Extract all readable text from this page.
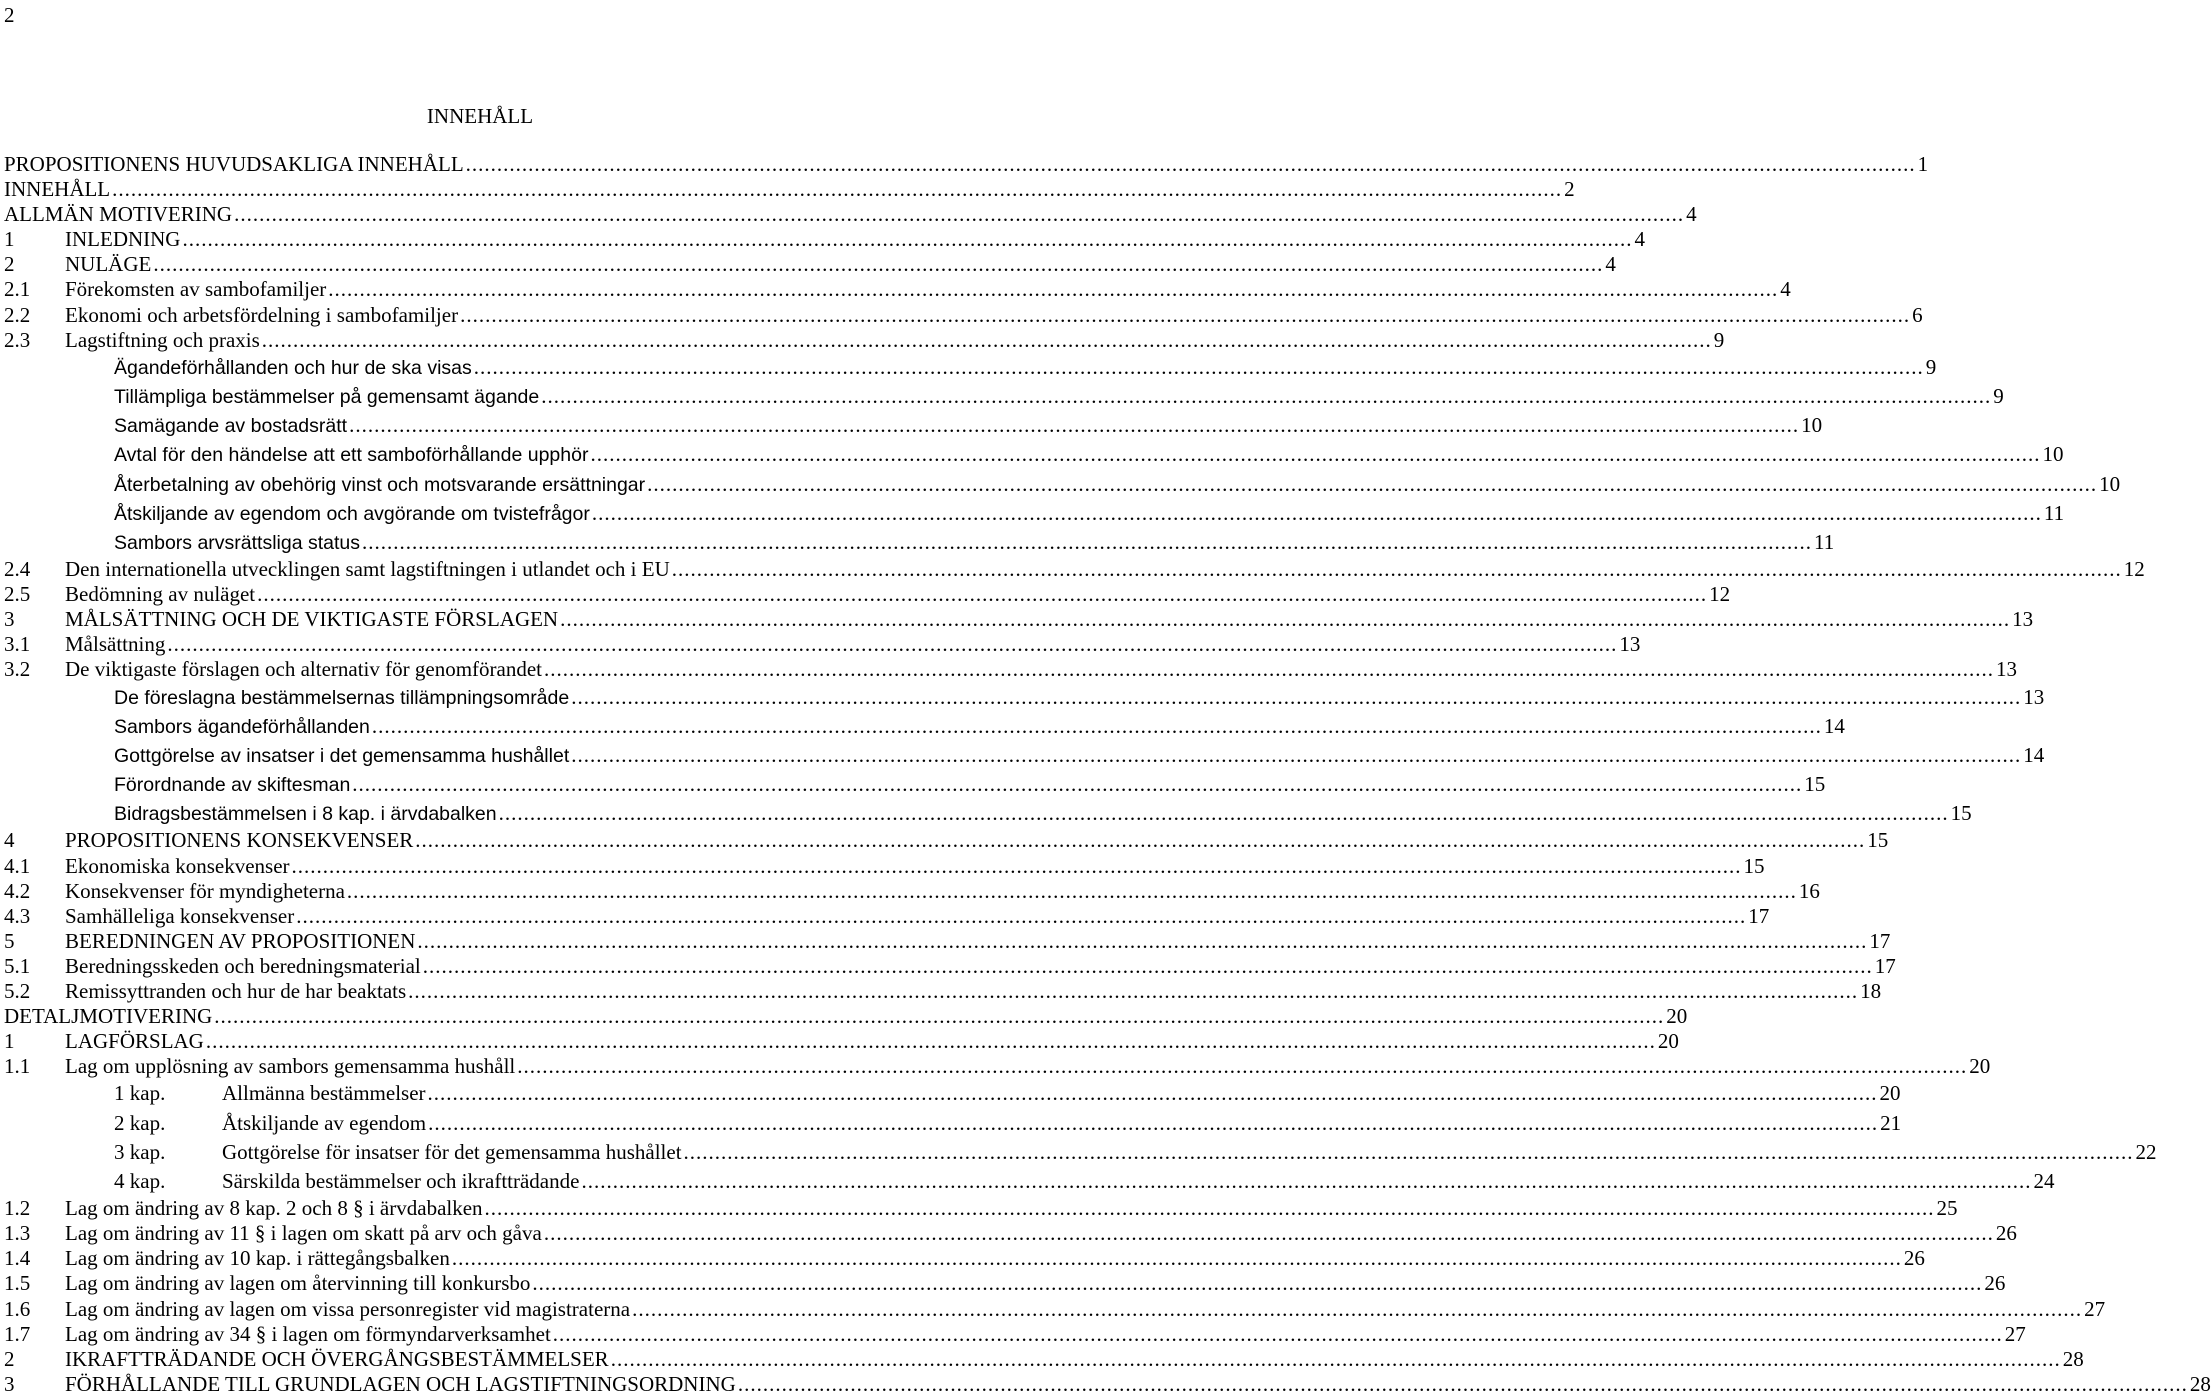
2
INNEHÅLL
PROPOSITIONENS HUVUDSAKLIGA INNEHÅLL .....	1
INNEHÅLL .....	2
ALLMÄN MOTIVERING .....	4
1	INLEDNING .....	4
2	NULÄGE .....	4
2.1	Förekomsten av sambofamiljer .....	4
2.2	Ekonomi och arbetsfördelning i sambofamiljer .....	6
2.3	Lagstiftning och praxis .....	9
Ägandeförhållanden och hur de ska visas .....	9
Tillämpliga bestämmelser på gemensamt ägande .....	9
Samägande av bostadsrätt .....	10
Avtal för den händelse att ett samboförhållande upphör .....	10
Återbetalning av obehörig vinst och motsvarande ersättningar .....	10
Åtskiljande av egendom och avgörande om tvistefrågor .....	11
Sambors arvsrättsliga status .....	11
2.4	Den internationella utvecklingen samt lagstiftningen i utlandet och i EU .....	12
2.5	Bedömning av nuläget .....	12
3	MÅLSÄTTNING OCH DE VIKTIGASTE FÖRSLAGEN .....	13
3.1	Målsättning .....	13
3.2	De viktigaste förslagen och alternativ för genomförandet .....	13
De föreslagna bestämmelsernas tillämpningsområde .....	13
Sambors ägandeförhållanden .....	14
Gottgörelse av insatser i det gemensamma hushållet .....	14
Förordnande av skiftesman .....	15
Bidragsbestämmelsen i 8 kap. i ärvdabalken .....	15
4	PROPOSITIONENS KONSEKVENSER .....	15
4.1	Ekonomiska konsekvenser .....	15
4.2	Konsekvenser för myndigheterna .....	16
4.3	Samhälleliga konsekvenser .....	17
5	BEREDNINGEN AV PROPOSITIONEN .....	17
5.1	Beredningsskeden och beredningsmaterial .....	17
5.2	Remissyttranden och hur de har beaktats .....	18
DETALJMOTIVERING .....	20
1	LAGFÖRSLAG .....	20
1.1	Lag om upplösning av sambors gemensamma hushåll .....	20
1 kap.	Allmänna bestämmelser .....	20
2 kap.	Åtskiljande av egendom .....	21
3 kap.	Gottgörelse för insatser för det gemensamma hushållet .....	22
4 kap.	Särskilda bestämmelser och ikraftträdande .....	24
1.2	Lag om ändring av 8 kap. 2 och 8 § i ärvdabalken .....	25
1.3	Lag om ändring av 11 § i lagen om skatt på arv och gåva .....	26
1.4	Lag om ändring av 10 kap. i rättegångsbalken .....	26
1.5	Lag om ändring av lagen om återvinning till konkursbo .....	26
1.6	Lag om ändring av lagen om vissa personregister vid magistraterna .....	27
1.7	Lag om ändring av 34 § i lagen om förmyndarverksamhet .....	27
2	IKRAFTTRÄDANDE OCH ÖVERGÅNGSBESTÄMMELSER .....	28
3	FÖRHÅLLANDE TILL GRUNDLAGEN OCH LAGSTIFTNINGSORDNING .....	28
